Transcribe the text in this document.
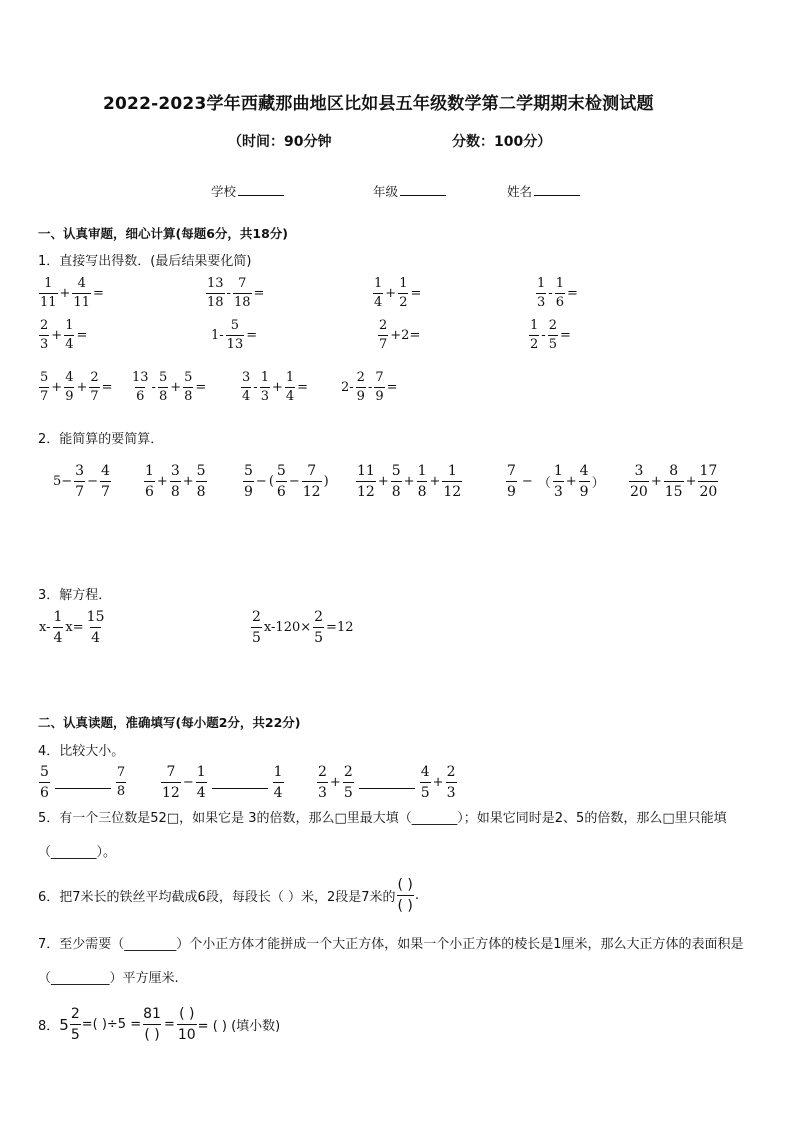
2022-2023学年西藏那曲地区比如县五年级数学第二学期期末检测试题
（时间：90分钟	分数：100分）
学校	年级	姓名
一、认真审题，细心计算(每题6分，共18分)
1．直接写出得数．(最后结果要化简)
1
11
+ $\frac{4}{11}$ =
13
18
- $\frac{7}{18}$ =
1
4
+ $\frac{1}{2}$ =
1
3
- $\frac{1}{6}$ =
2
3
+ $\frac{1}{4}$ =	$1- \frac{5}{13}$ =
2
7
+2=
1
2
- $\frac{2}{5}$ =
5
7
+ $\frac{4}{9} + \frac{2}{7}$ =
13
6
-
5
8
+ $\frac{5}{8}$ =
3
4
-
1
3
+ $\frac{1}{4}$ =	2-
2
9
- $\frac{7}{9}$ =
2．能简算的要简算．
$5- \frac{3}{7} - \frac{4}{7} 1$
6
+ $\frac{3}{8} + \frac{5}{8}$	5
9
− (
5
6
− $\frac{7}{12}$ )
11
12
+ $\frac{5}{8} + \frac{1}{8} + \frac{1}{12}$	7
9
− （
1
3
+ $\frac{4}{9}$ ）
3
20
+ $\frac{8}{15} + \frac{17}{20}$
3．解方程．
x-
1
4
$x= \frac{15}{4}$	2
5
$x-120\times \frac{2}{5} =12$
二、认真读题，准确填写(每小题2分，共22分)
4．比较大小。
5
6
7
8
7
12
− $\frac{1}{4}$	1
4
2
3
+ $\frac{2}{5}$	4
5
+ $\frac{2}{3}$
5．有一个三位数是52□，如果它是 3的倍数，那么□里最大填（_______）；如果它同时是2、5的倍数，那么□里只能填（_______）。
6．把7米长的铁丝平均截成6段，每段长（ ）米，2段是7米的
( )
( )
.
7．至少需要（________）个小正方体才能拼成一个大正方体，如果一个小正方体的棱长是1厘米，那么大正方体的表面积是（_________）平方厘米.
8． $5 \frac{2}{5}$ =( )÷5 =
81
( )
=
( )
10
= ( ) (填小数)
